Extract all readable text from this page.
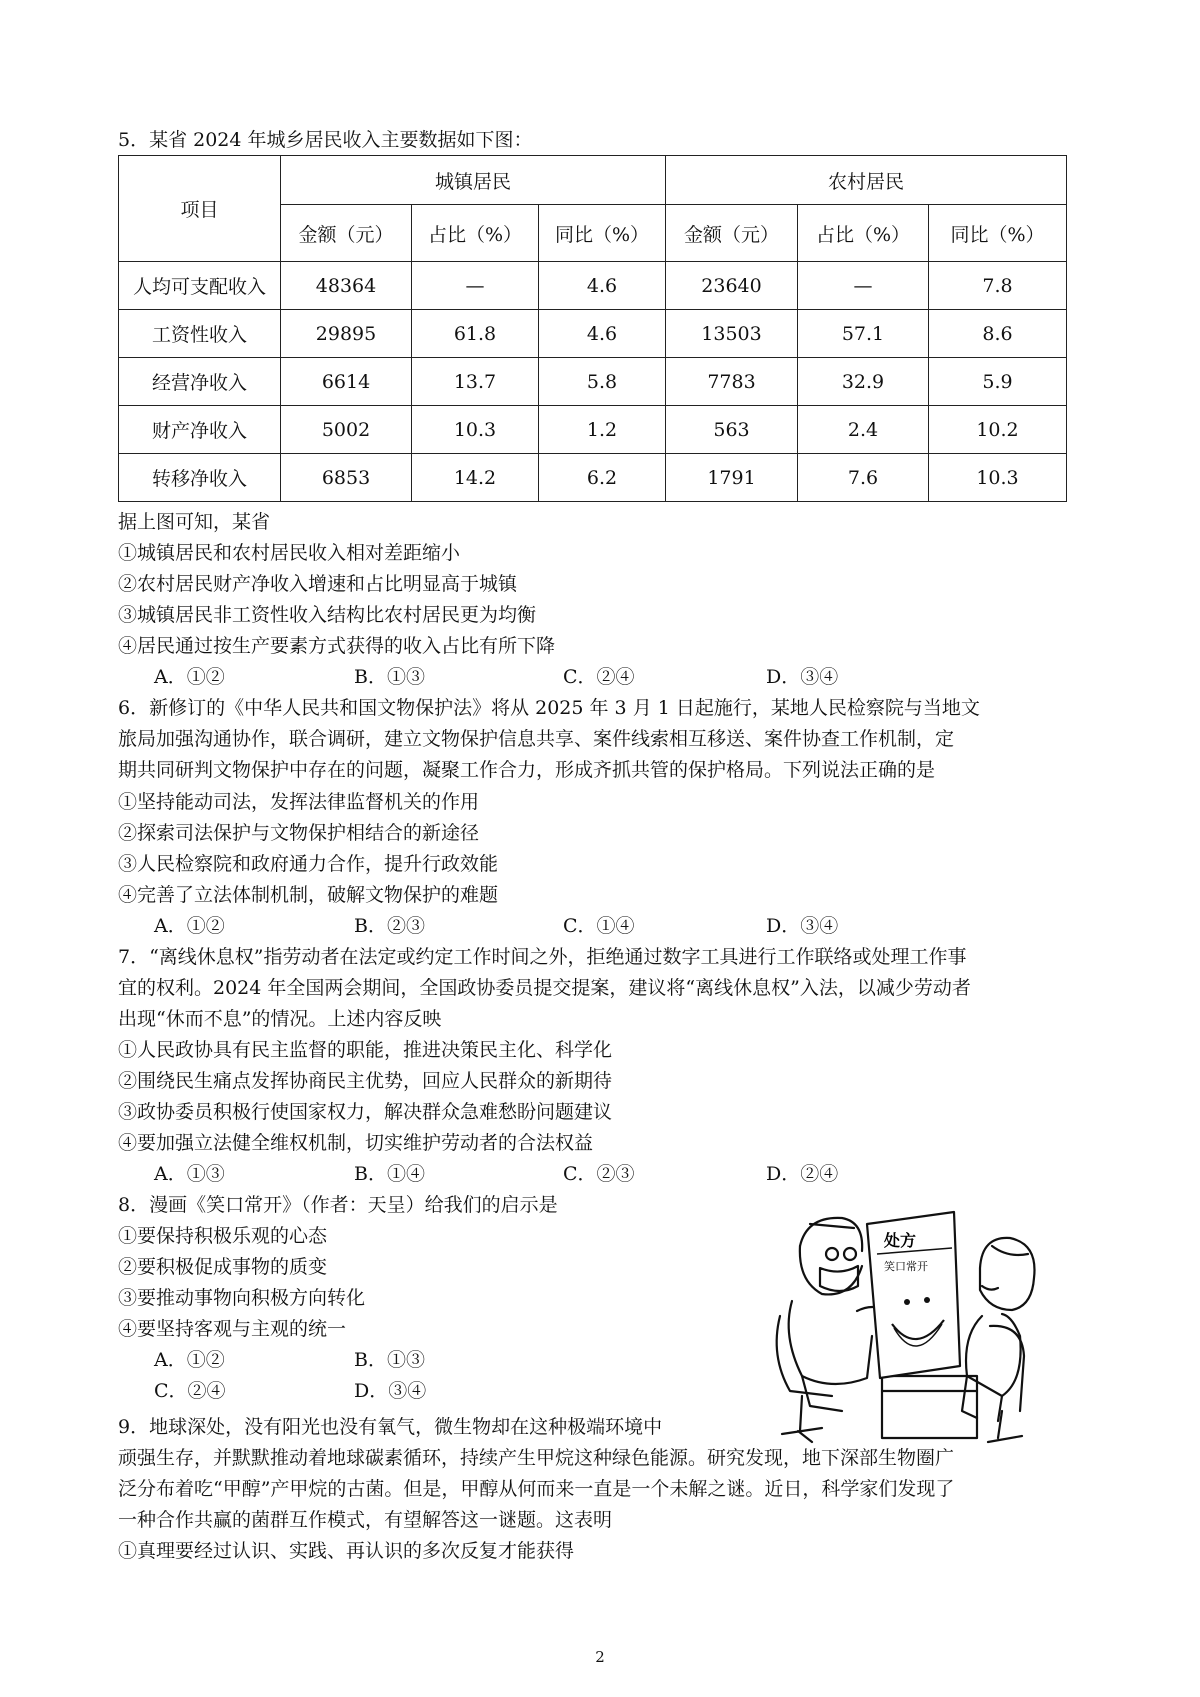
5．某省 2024 年城乡居民收入主要数据如下图：
项目	城镇居民			农村居民		
	金额（元）	占比（%）	同比（%）	金额（元）	占比（%）	同比（%）
人均可支配收入	48364	—	4.6	23640	—	7.8
工资性收入	29895	61.8	4.6	13503	57.1	8.6
经营净收入	6614	13.7	5.8	7783	32.9	5.9
财产净收入	5002	10.3	1.2	563	2.4	10.2
转移净收入	6853	14.2	6.2	1791	7.6	10.3
据上图可知，某省
①城镇居民和农村居民收入相对差距缩小
②农村居民财产净收入增速和占比明显高于城镇
③城镇居民非工资性收入结构比农村居民更为均衡
④居民通过按生产要素方式获得的收入占比有所下降
A．①②	B．①③	C．②④	D．③④
6．新修订的《中华人民共和国文物保护法》将从 2025 年 3 月 1 日起施行，某地人民检察院与当地文
旅局加强沟通协作，联合调研，建立文物保护信息共享、案件线索相互移送、案件协查工作机制，定
期共同研判文物保护中存在的问题，凝聚工作合力，形成齐抓共管的保护格局。下列说法正确的是
①坚持能动司法，发挥法律监督机关的作用
②探索司法保护与文物保护相结合的新途径
③人民检察院和政府通力合作，提升行政效能
④完善了立法体制机制，破解文物保护的难题
A．①②	B．②③	C．①④	D．③④
7．“离线休息权”指劳动者在法定或约定工作时间之外，拒绝通过数字工具进行工作联络或处理工作事
宜的权利。2024 年全国两会期间，全国政协委员提交提案，建议将“离线休息权”入法，以减少劳动者
出现“休而不息”的情况。上述内容反映
①人民政协具有民主监督的职能，推进决策民主化、科学化
②围绕民生痛点发挥协商民主优势，回应人民群众的新期待
③政协委员积极行使国家权力，解决群众急难愁盼问题建议
④要加强立法健全维权机制，切实维护劳动者的合法权益
A．①③	B．①④	C．②③	D．②④
8．漫画《笑口常开》（作者：天呈）给我们的启示是
①要保持积极乐观的心态
②要积极促成事物的质变
③要推动事物向积极方向转化
④要坚持客观与主观的统一
A．①②	B．①③
C．②④	D．③④
处方
笑口常开
9．地球深处，没有阳光也没有氧气，微生物却在这种极端环境中
顽强生存，并默默推动着地球碳素循环，持续产生甲烷这种绿色能源。研究发现，地下深部生物圈广
泛分布着吃“甲醇”产甲烷的古菌。但是，甲醇从何而来一直是一个未解之谜。近日，科学家们发现了
一种合作共赢的菌群互作模式，有望解答这一谜题。这表明
①真理要经过认识、实践、再认识的多次反复才能获得
2
